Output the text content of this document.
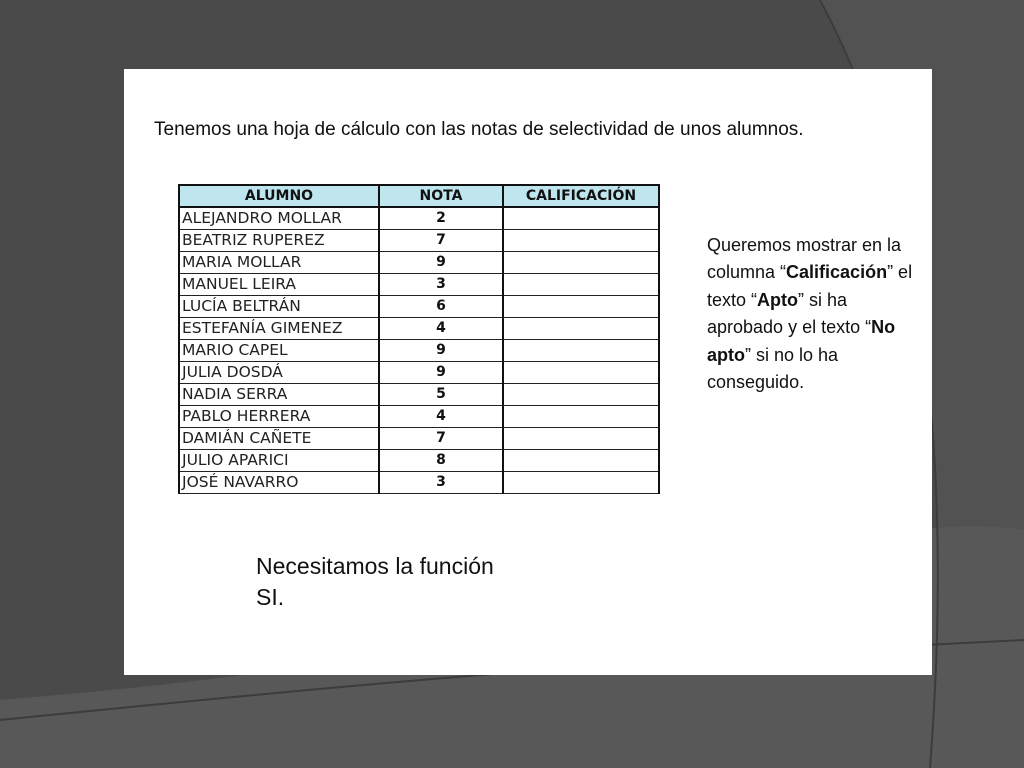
Tenemos una hoja de cálculo con las notas de selectividad de unos alumnos.

ALUMNO	NOTA	CALIFICACIÓN
ALEJANDRO MOLLAR	2	
BEATRIZ RUPEREZ	7	
MARIA MOLLAR	9	
MANUEL LEIRA	3	
LUCÍA BELTRÁN	6	
ESTEFANÍA GIMENEZ	4	
MARIO CAPEL	9	
JULIA DOSDÁ	9	
NADIA SERRA	5	
PABLO HERRERA	4	
DAMIÁN CAÑETE	7	
JULIO APARICI	8	
JOSÉ NAVARRO	3	

Queremos mostrar en la columna “Calificación” el texto “Apto” si ha aprobado y el texto “No apto” si no lo ha conseguido.

Necesitamos la función SI.
